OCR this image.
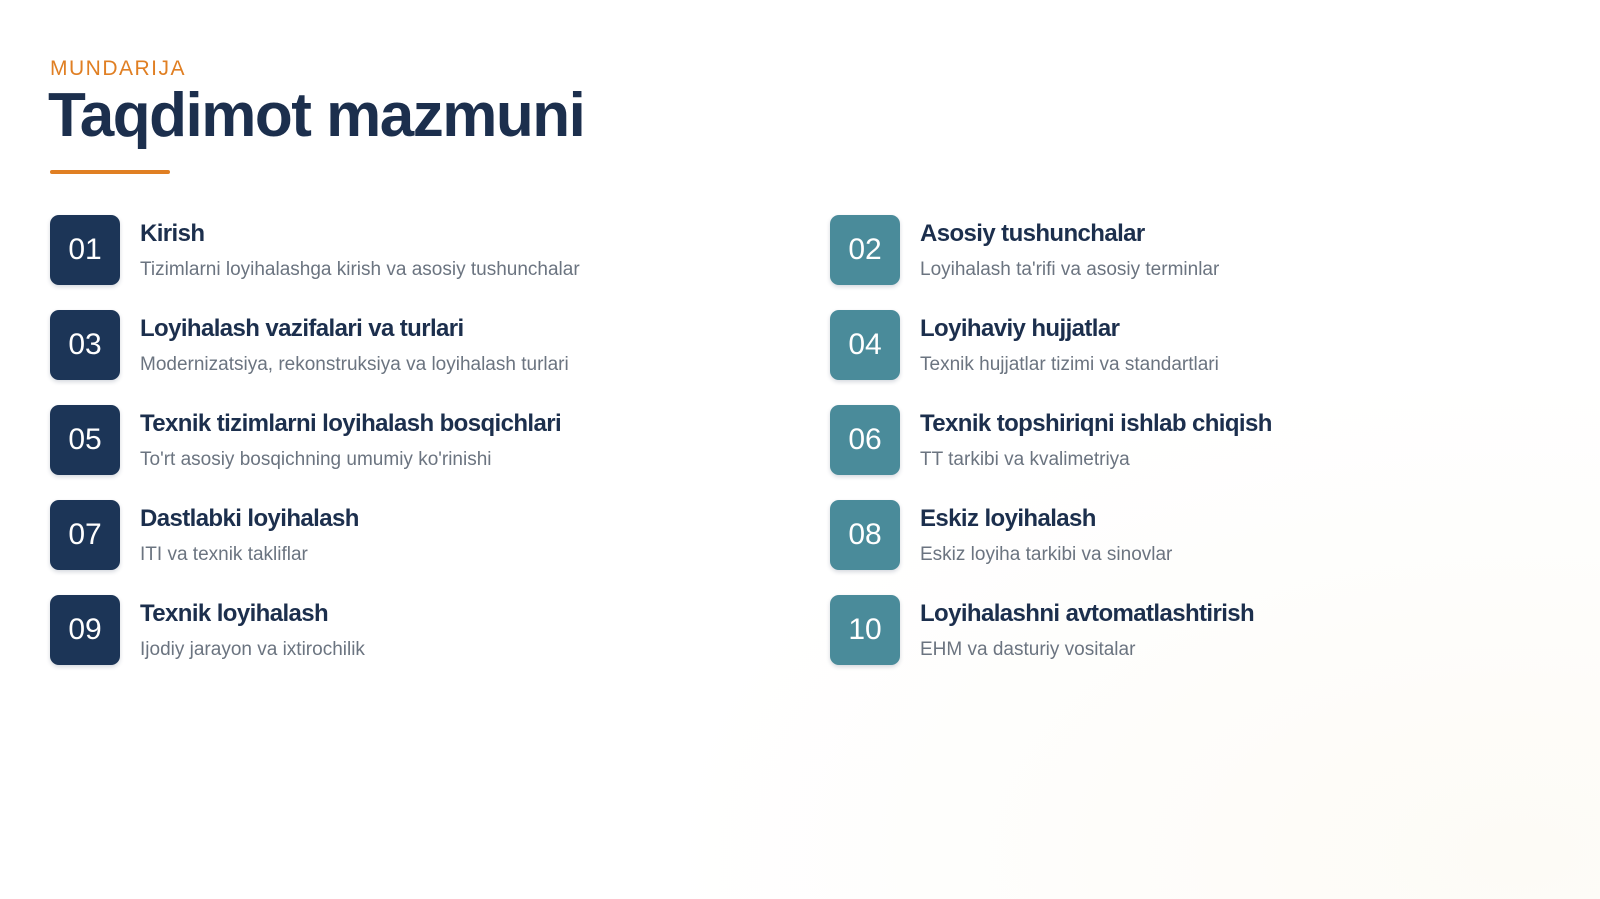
MUNDARIJA
Taqdimot mazmuni
01	Kirish
Tizimlarni loyihalashga kirish va asosiy tushunchalar
02	Asosiy tushunchalar
Loyihalash ta'rifi va asosiy terminlar
03	Loyihalash vazifalari va turlari
Modernizatsiya, rekonstruksiya va loyihalash turlari
04	Loyihaviy hujjatlar
Texnik hujjatlar tizimi va standartlari
05	Texnik tizimlarni loyihalash bosqichlari
To'rt asosiy bosqichning umumiy ko'rinishi
06	Texnik topshiriqni ishlab chiqish
TT tarkibi va kvalimetriya
07	Dastlabki loyihalash
ITI va texnik takliflar
08	Eskiz loyihalash
Eskiz loyiha tarkibi va sinovlar
09	Texnik loyihalash
Ijodiy jarayon va ixtirochilik
10	Loyihalashni avtomatlashtirish
EHM va dasturiy vositalar
